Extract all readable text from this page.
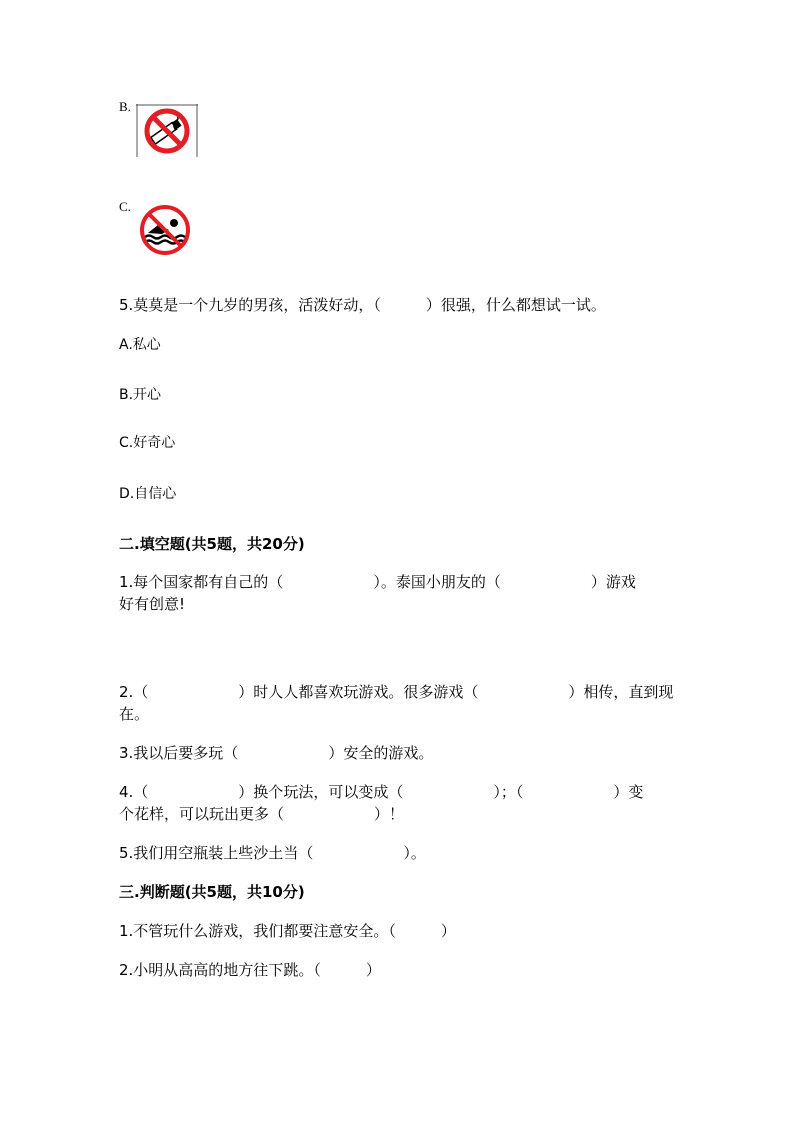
B.
C.
5.莫莫是一个九岁的男孩，活泼好动，（　　　）很强，什么都想试一试。
A.私心
B.开心
C.好奇心
D.自信心
二.填空题(共5题，共20分)
1.每个国家都有自己的（　　　　　　）。泰国小朋友的（　　　　　　）游戏
好有创意!
2.（　　　　　　）时人人都喜欢玩游戏。很多游戏（　　　　　　）相传，直到现
在。
3.我以后要多玩（　　　　　　）安全的游戏。
4.（　　　　　　）换个玩法，可以变成（　　　　　　）；（　　　　　　）变
个花样，可以玩出更多（　　　　　　）！
5.我们用空瓶装上些沙土当（　　　　　　）。
三.判断题(共5题，共10分)
1.不管玩什么游戏，我们都要注意安全。（　　　）
2.小明从高高的地方往下跳。（　　　）
